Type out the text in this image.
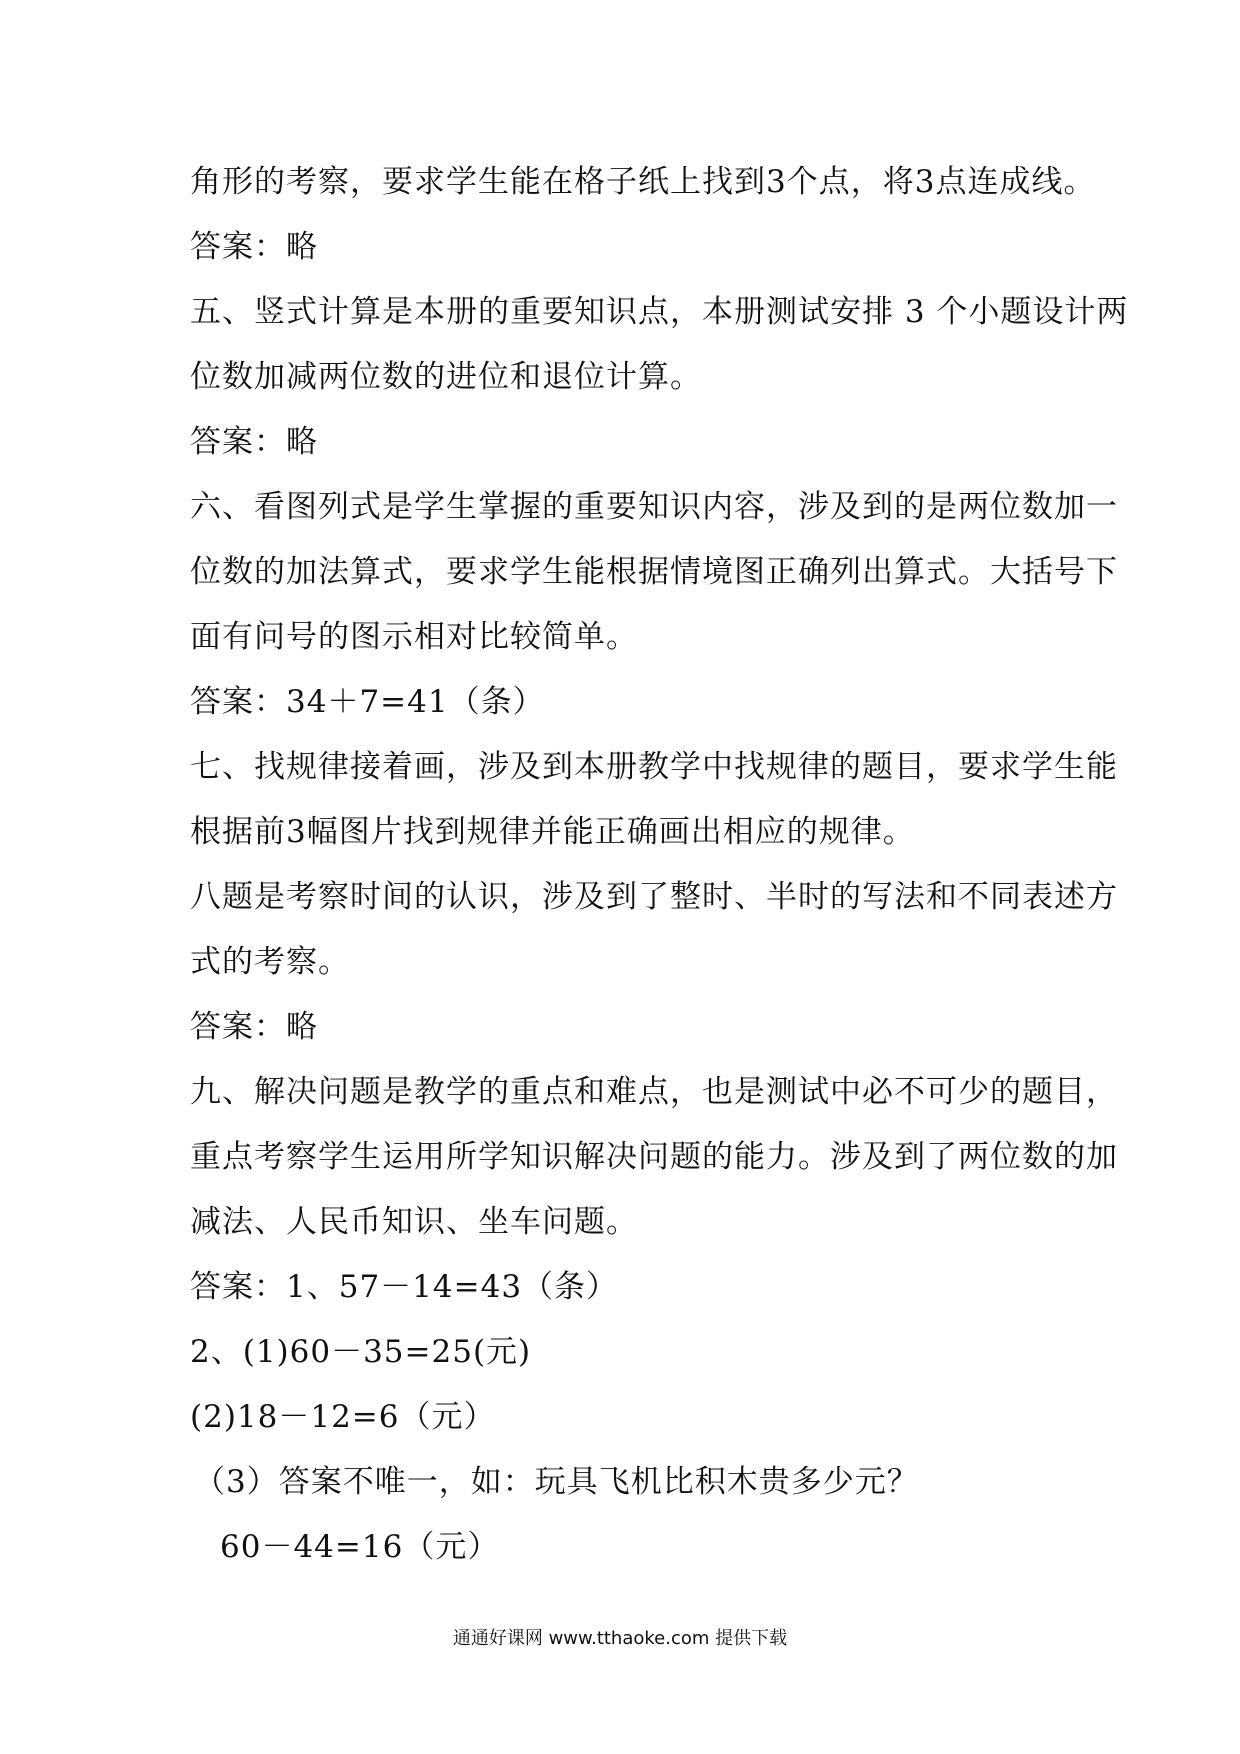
角形的考察，要求学生能在格子纸上找到3个点，将3点连成线。
答案：略
五、竖式计算是本册的重要知识点，本册测试安排 3 个小题设计两
位数加减两位数的进位和退位计算。
答案：略
六、看图列式是学生掌握的重要知识内容，涉及到的是两位数加一
位数的加法算式，要求学生能根据情境图正确列出算式。大括号下
面有问号的图示相对比较简单。
答案：34＋7=41（条）
七、找规律接着画，涉及到本册教学中找规律的题目，要求学生能
根据前3幅图片找到规律并能正确画出相应的规律。
八题是考察时间的认识，涉及到了整时、半时的写法和不同表述方
式的考察。
答案：略
九、解决问题是教学的重点和难点，也是测试中必不可少的题目，
重点考察学生运用所学知识解决问题的能力。涉及到了两位数的加
减法、人民币知识、坐车问题。
答案：1、57－14=43（条）
2、(1)60－35=25(元)
(2)18－12=6（元）
（3）答案不唯一，如：玩具飞机比积木贵多少元？
60－44=16（元）
通通好课网 www.tthaoke.com 提供下载
